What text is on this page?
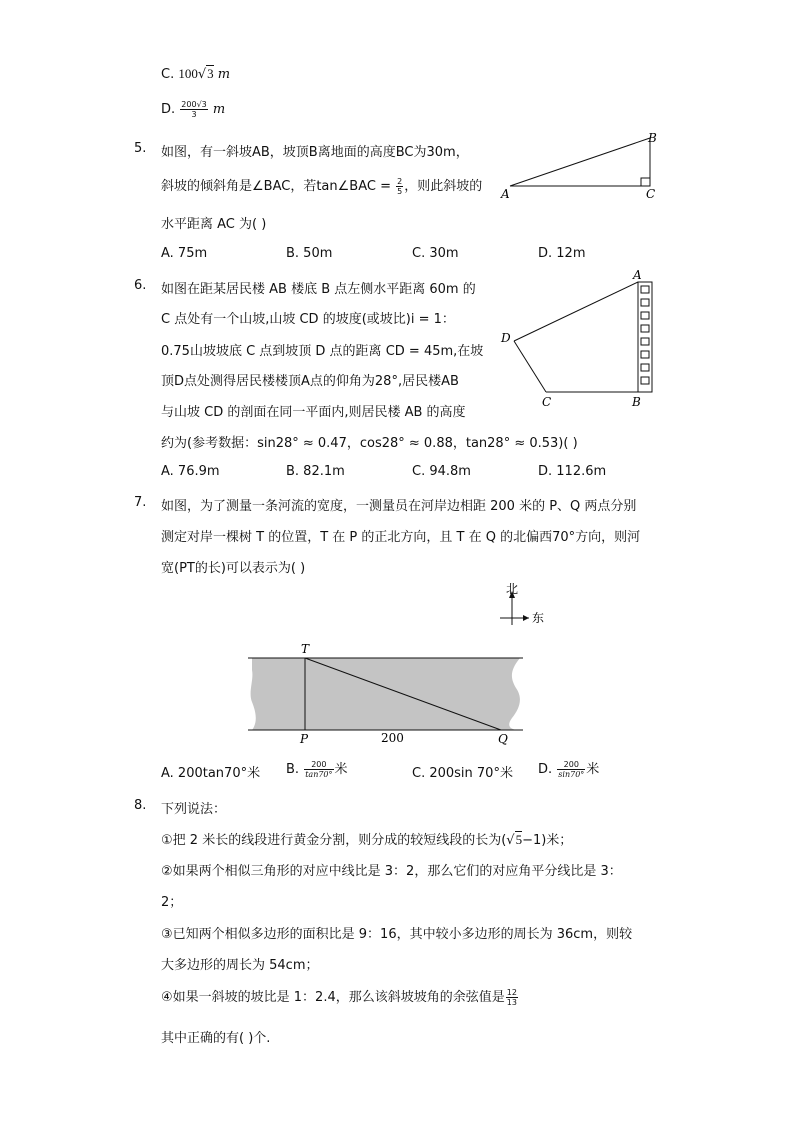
C. 100√3 m
D. $\frac{200√3}{3}$ m
5. 如图，有一斜坡AB，坡顶B离地面的高度BC为30m，
斜坡的倾斜角是∠BAC，若tan∠BAC = $\frac{2}{5}$ ，则此斜坡的
水平距离 AC 为( )
A
B
C
A. 75m	B. 50m	C. 30m	D. 12m
6. 如图在距某居民楼 AB 楼底 B 点左侧水平距离 60m 的
C 点处有一个山坡,山坡 CD 的坡度(或坡比)i = 1：
0.75山坡坡底 C 点到坡顶 D 点的距离 CD = 45m,在坡
顶D点处测得居民楼楼顶A点的仰角为28°,居民楼AB
与山坡 CD 的剖面在同一平面内,则居民楼 AB 的高度
约为(参考数据：sin28° ≈ 0.47，cos28° ≈ 0.88，tan28° ≈ 0.53)( )
A
B
C
D
A. 76.9m	B. 82.1m	C. 94.8m	D. 112.6m
7. 如图，为了测量一条河流的宽度，一测量员在河岸边相距 200 米的 P、Q 两点分别
测定对岸一棵树 T 的位置，T 在 P 的正北方向，且 T 在 Q 的北偏西70°方向，则河
宽(PT的长)可以表示为( )
北
东
T
P	Q
200
A. 200tan70°米 B. $\frac{200}{\tan 70^\circ}$ 米	C. 200sin 70°米 D. $\frac{200}{\sin 70^\circ}$ 米
8. 下列说法：
①把 2 米长的线段进行黄金分割，则分成的较短线段的长为(√5−1)米；
②如果两个相似三角形的对应中线比是 3：2，那么它们的对应角平分线比是 3：
2；
③已知两个相似多边形的面积比是 9：16，其中较小多边形的周长为 36cm，则较
大多边形的周长为 54cm；
④如果一斜坡的坡比是 1：2.4，那么该斜坡坡角的余弦值是 $\frac{12}{13}$
其中正确的有( )个.
